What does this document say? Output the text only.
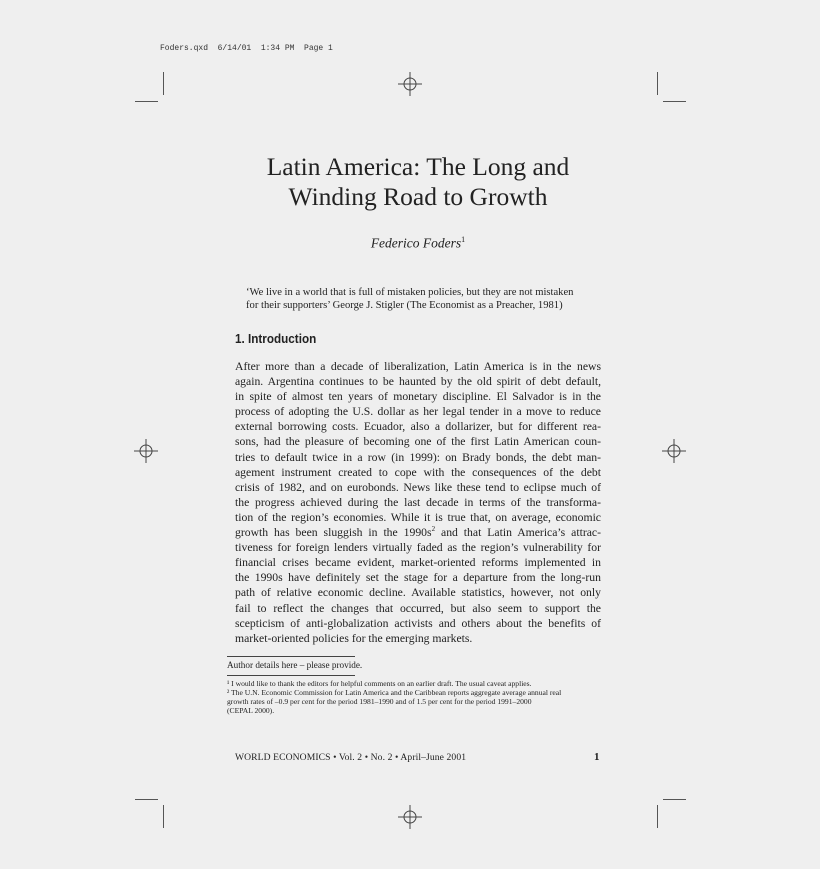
Foders.qxd  6/14/01  1:34 PM  Page 1
Latin America: The Long and
Winding Road to Growth
Federico Foders$^1$
‘We live in a world that is full of mistaken policies, but they are not mistaken
for their supporters’ George J. Stigler (The Economist as a Preacher, 1981)
1. Introduction
After more than a decade of liberalization, Latin America is in the news
again. Argentina continues to be haunted by the old spirit of debt default,
in spite of almost ten years of monetary discipline. El Salvador is in the
process of adopting the U.S. dollar as her legal tender in a move to reduce
external borrowing costs. Ecuador, also a dollarizer, but for different rea-
sons, had the pleasure of becoming one of the first Latin American coun-
tries to default twice in a row (in 1999): on Brady bonds, the debt man-
agement instrument created to cope with the consequences of the debt
crisis of 1982, and on eurobonds. News like these tend to eclipse much of
the progress achieved during the last decade in terms of the transforma-
tion of the region’s economies. While it is true that, on average, economic
growth has been sluggish in the $1990s^2$ and that Latin America’s attrac-
tiveness for foreign lenders virtually faded as the region’s vulnerability for
financial crises became evident, market-oriented reforms implemented in
the 1990s have definitely set the stage for a departure from the long-run
path of relative economic decline. Available statistics, however, not only
fail to reflect the changes that occurred, but also seem to support the
scepticism of anti-globalization activists and others about the benefits of
market-oriented policies for the emerging markets.
Author details here – please provide.
¹ I would like to thank the editors for helpful comments on an earlier draft. The usual caveat applies.
² The U.N. Economic Commission for Latin America and the Caribbean reports aggregate average annual real
growth rates of –0.9 per cent for the period 1981–1990 and of 1.5 per cent for the period 1991–2000
(CEPAL 2000).
WORLD ECONOMICS • Vol. 2 • No. 2 • April–June 2001	1
